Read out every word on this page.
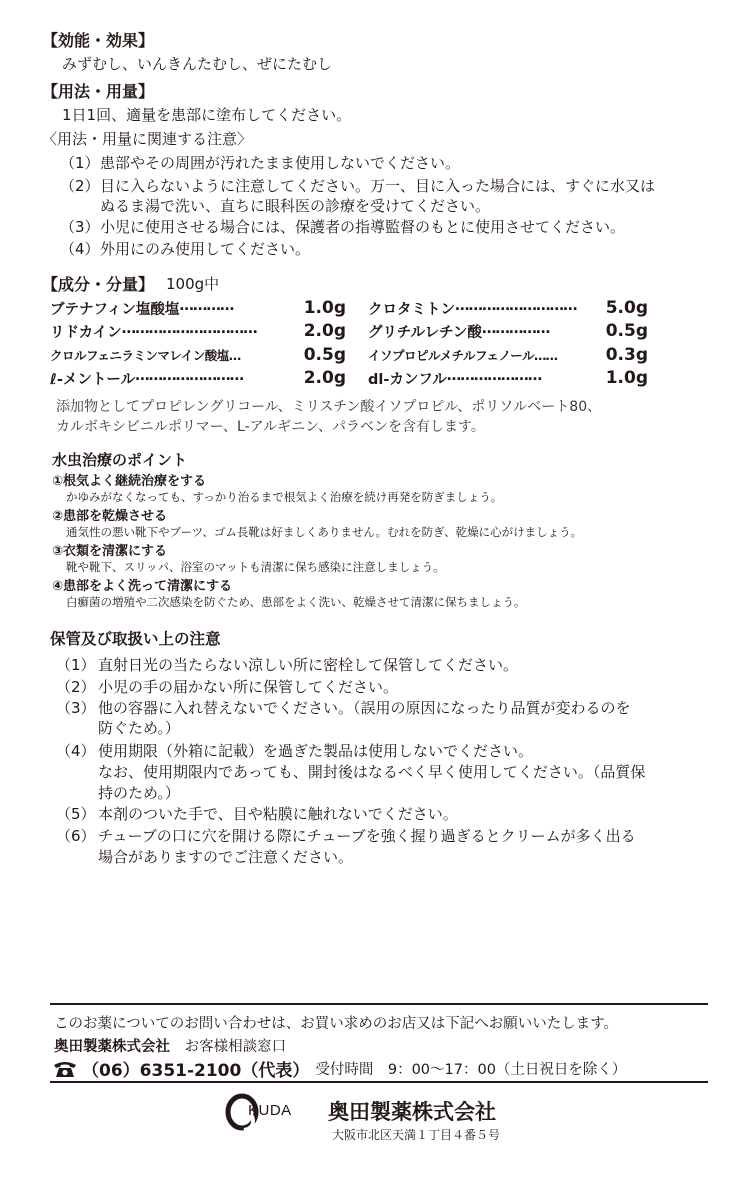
【効能・効果】
みずむし、いんきんたむし、ぜにたむし
【用法・用量】
1日1回、適量を患部に塗布してください。
〈用法・用量に関連する注意〉
（1） 患部やその周囲が汚れたまま使用しないでください。
（2） 目に入らないように注意してください。万一、目に入った場合には、すぐに水又は
ぬるま湯で洗い、直ちに眼科医の診療を受けてください。
（3） 小児に使用させる場合には、保護者の指導監督のもとに使用させてください。
（4） 外用にのみ使用してください。
【成分・分量】 100g中
ブテナフィン塩酸塩 …………	1.0g クロタミトン ………………………	5.0g
リドカイン …………………………	2.0g グリチルレチン酸 ……………	0.5g
クロルフェニラミンマレイン酸塩 …	0.5g イソプロピルメチルフェノール ……	0.3g
ℓ-メントール ……………………	2.0g dl-カンフル …………………	1.0g
添加物としてプロピレングリコール、ミリスチン酸イソプロピル、ポリソルベート80、
カルボキシビニルポリマー、L-アルギニン、パラベンを含有します。
水虫治療のポイント
①根気よく継続治療をする
かゆみがなくなっても、すっかり治るまで根気よく治療を続け再発を防ぎましょう。
②患部を乾燥させる
通気性の悪い靴下やブーツ、ゴム長靴は好ましくありません。むれを防ぎ、乾燥に心がけましょう。
③衣類を清潔にする
靴や靴下、スリッパ、浴室のマットも清潔に保ち感染に注意しましょう。
④患部をよく洗って清潔にする
白癬菌の増殖や二次感染を防ぐため、患部をよく洗い、乾燥させて清潔に保ちましょう。
保管及び取扱い上の注意
（1） 直射日光の当たらない涼しい所に密栓して保管してください。
（2） 小児の手の届かない所に保管してください。
（3） 他の容器に入れ替えないでください。（誤用の原因になったり品質が変わるのを
防ぐため。）
（4） 使用期限（外箱に記載）を過ぎた製品は使用しないでください。
なお、使用期限内であっても、開封後はなるべく早く使用してください。（品質保
持のため。）
（5） 本剤のついた手で、目や粘膜に触れないでください。
（6） チューブの口に穴を開ける際にチューブを強く握り過ぎるとクリームが多く出る
場合がありますのでご注意ください。
このお薬についてのお問い合わせは、お買い求めのお店又は下記へお願いいたします。
奥田製薬株式会社 お客様相談窓口
（06）6351-2100（代表） 受付時間　9：00〜17：00（土日祝日を除く）
KUDA 奥田製薬株式会社
大阪市北区天満１丁目４番５号
